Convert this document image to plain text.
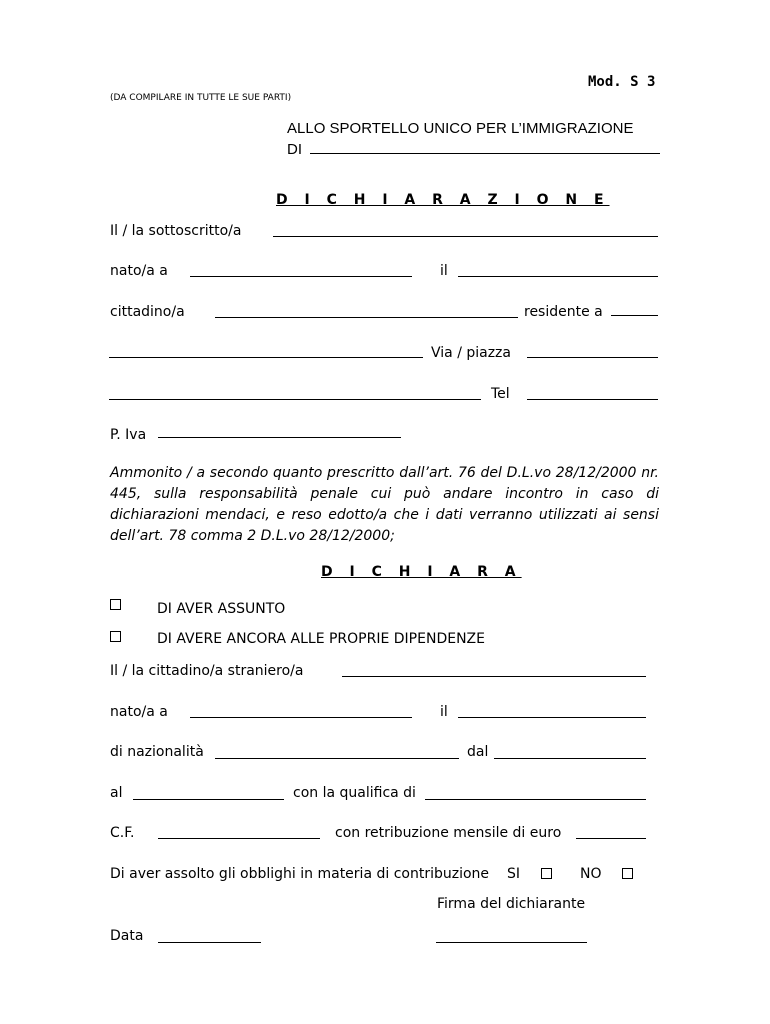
Mod. S 3
(DA COMPILARE IN TUTTE LE SUE PARTI)
ALLO SPORTELLO UNICO PER L’IMMIGRAZIONE
DI
D I C H I A R A Z I O N E
Il / la sottoscritto/a
nato/a a	il
cittadino/a	residente a
Via / piazza
Tel
P. Iva
Ammonito / a secondo quanto prescritto dall’art. 76 del D.L.vo 28/12/2000 nr. 445, sulla responsabilità penale cui può andare incontro in caso di dichiarazioni mendaci, e reso edotto/a che i dati verranno utilizzati ai sensi dell’art. 78 comma 2 D.L.vo 28/12/2000;
D I C H I A R A
DI AVER ASSUNTO
DI AVERE ANCORA ALLE PROPRIE DIPENDENZE
Il / la cittadino/a straniero/a
nato/a a	il
di nazionalità	dal
al	con la qualifica di
C.F.	con retribuzione mensile di euro
Di aver assolto gli obblighi in materia di contribuzione SI	NO
Firma del dichiarante
Data
